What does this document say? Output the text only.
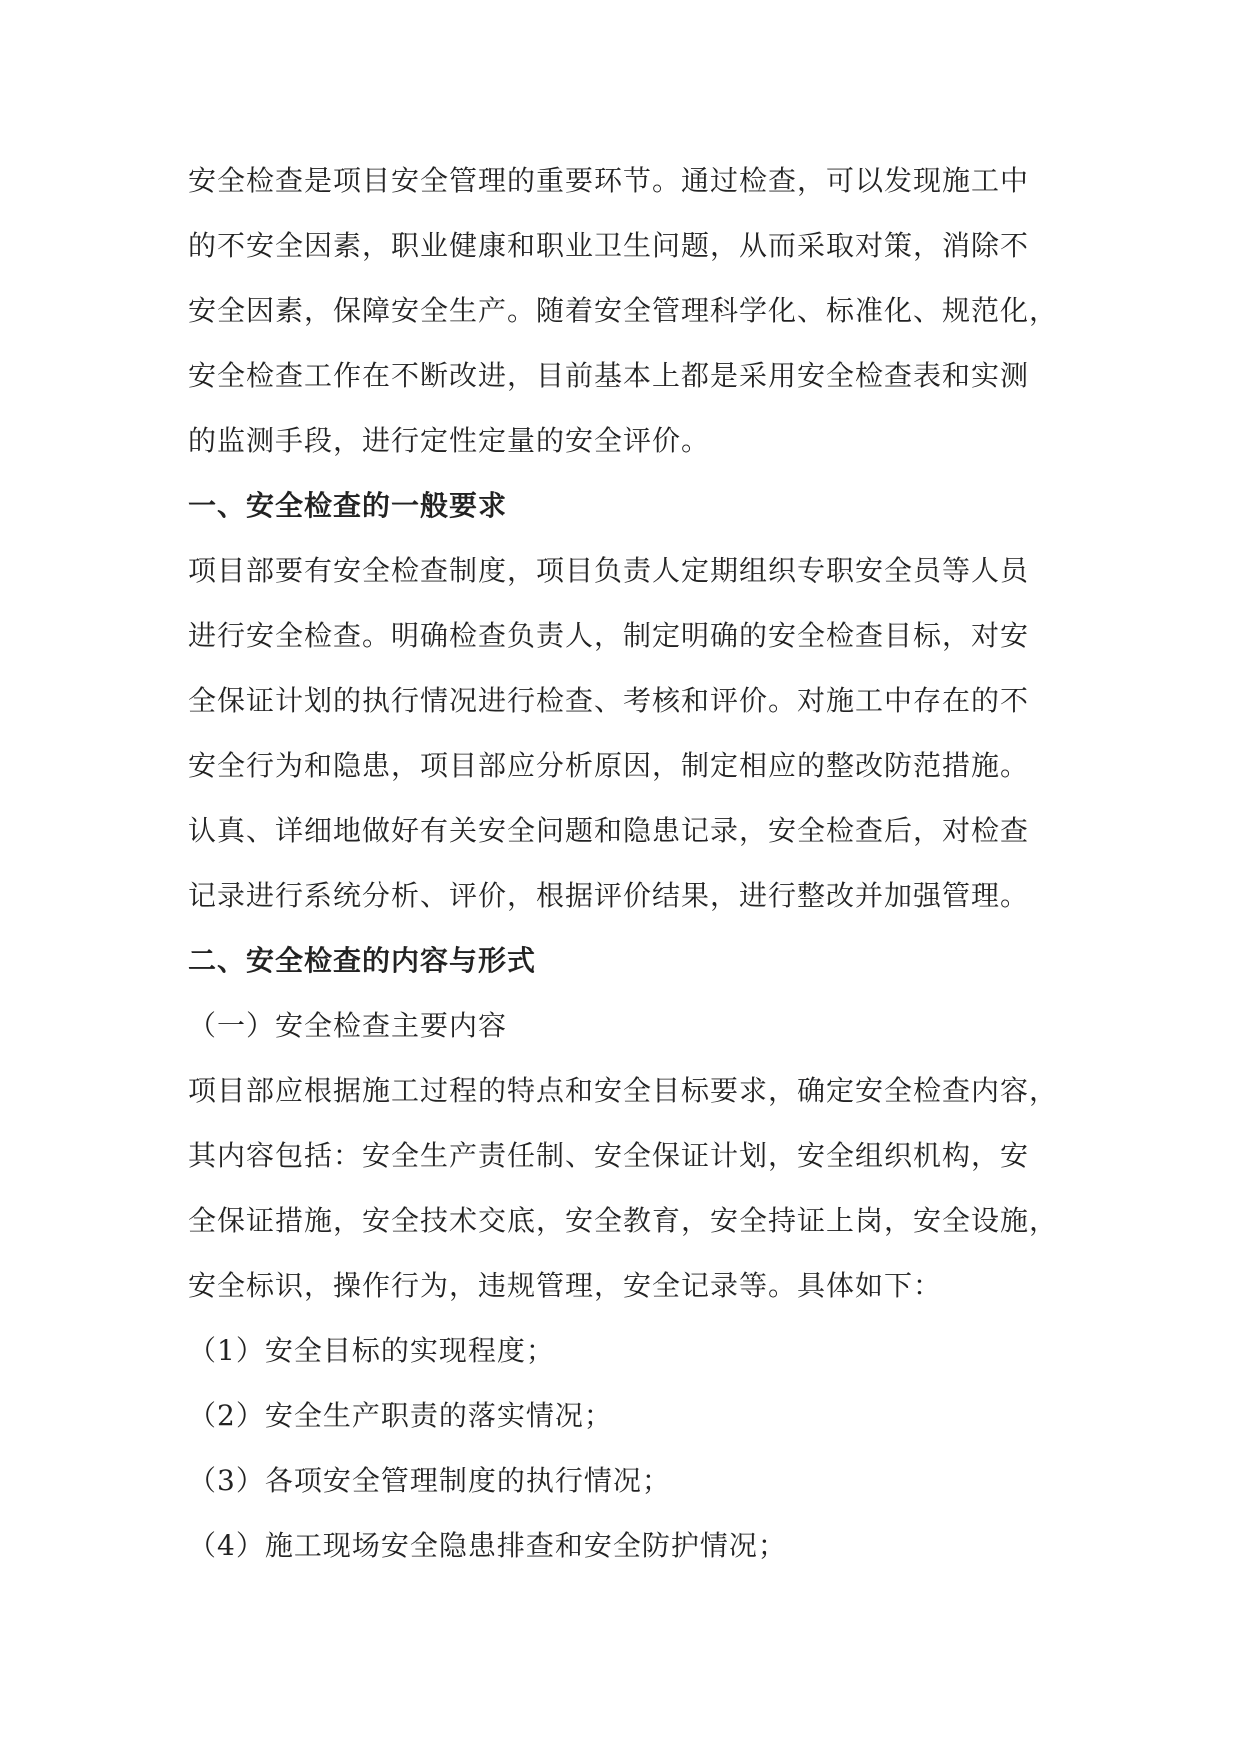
安全检查是项目安全管理的重要环节。通过检查，可以发现施工中
的不安全因素，职业健康和职业卫生问题，从而采取对策，消除不
安全因素，保障安全生产。随着安全管理科学化、标准化、规范化，
安全检查工作在不断改进，目前基本上都是采用安全检查表和实测
的监测手段，进行定性定量的安全评价。
一、安全检查的一般要求
项目部要有安全检查制度，项目负责人定期组织专职安全员等人员
进行安全检查。明确检查负责人，制定明确的安全检查目标，对安
全保证计划的执行情况进行检查、考核和评价。对施工中存在的不
安全行为和隐患，项目部应分析原因，制定相应的整改防范措施。
认真、详细地做好有关安全问题和隐患记录，安全检查后，对检查
记录进行系统分析、评价，根据评价结果，进行整改并加强管理。
二、安全检查的内容与形式
（一）安全检查主要内容
项目部应根据施工过程的特点和安全目标要求，确定安全检查内容，
其内容包括：安全生产责任制、安全保证计划，安全组织机构，安
全保证措施，安全技术交底，安全教育，安全持证上岗，安全设施，
安全标识，操作行为，违规管理，安全记录等。具体如下：
（1）安全目标的实现程度；
（2）安全生产职责的落实情况；
（3）各项安全管理制度的执行情况；
（4）施工现场安全隐患排查和安全防护情况；
